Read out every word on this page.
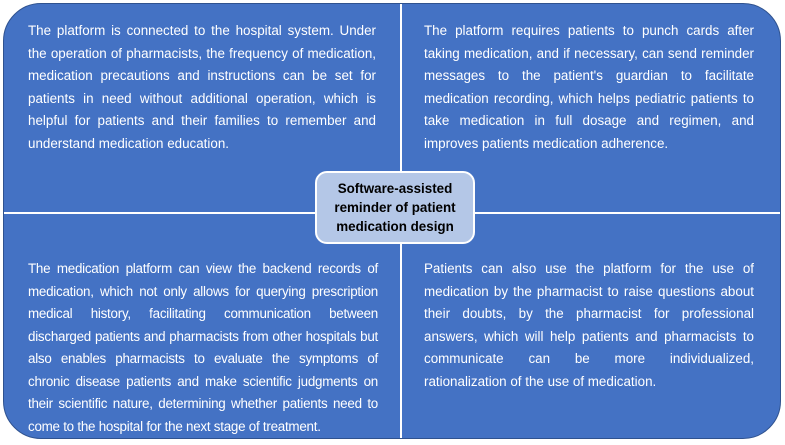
The platform is connected to the hospital system. Under the operation of pharmacists, the frequency of medication, medication precautions and instructions can be set for patients in need without additional operation, which is helpful for patients and their families to remember and understand medication education.

The platform requires patients to punch cards after taking medication, and if necessary, can send reminder messages to the patient's guardian to facilitate medication recording, which helps pediatric patients to take medication in full dosage and regimen, and improves patients medication adherence.

The medication platform can view the backend records of medication, which not only allows for querying prescription medical history, facilitating communication between discharged patients and pharmacists from other hospitals but also enables pharmacists to evaluate the symptoms of chronic disease patients and make scientific judgments on their scientific nature, determining whether patients need to come to the hospital for the next stage of treatment.

Patients can also use the platform for the use of medication by the pharmacist to raise questions about their doubts, by the pharmacist for professional answers, which will help patients and pharmacists to communicate can be more individualized, rationalization of the use of medication.

Software-assisted reminder of patient medication design
